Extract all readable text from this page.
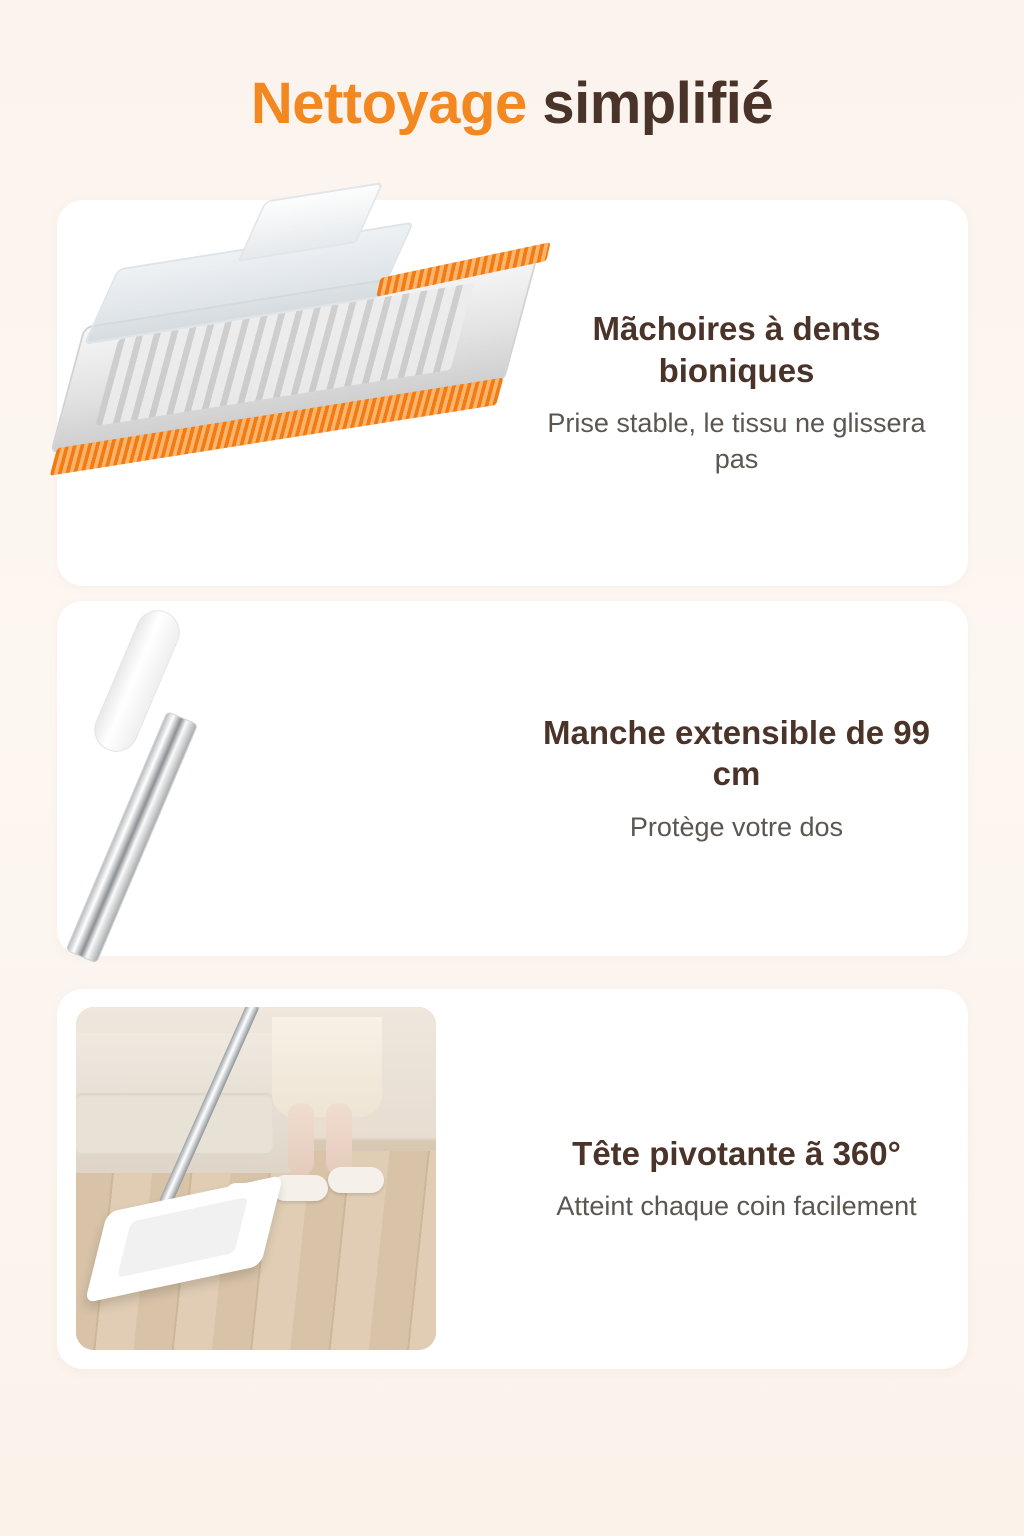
Nettoyage simplifié
Mãchoires à dents bioniques
Prise stable, le tissu ne glissera pas
Manche extensible de 99 cm
Protège votre dos
Tête pivotante ã 360°
Atteint chaque coin facilement
